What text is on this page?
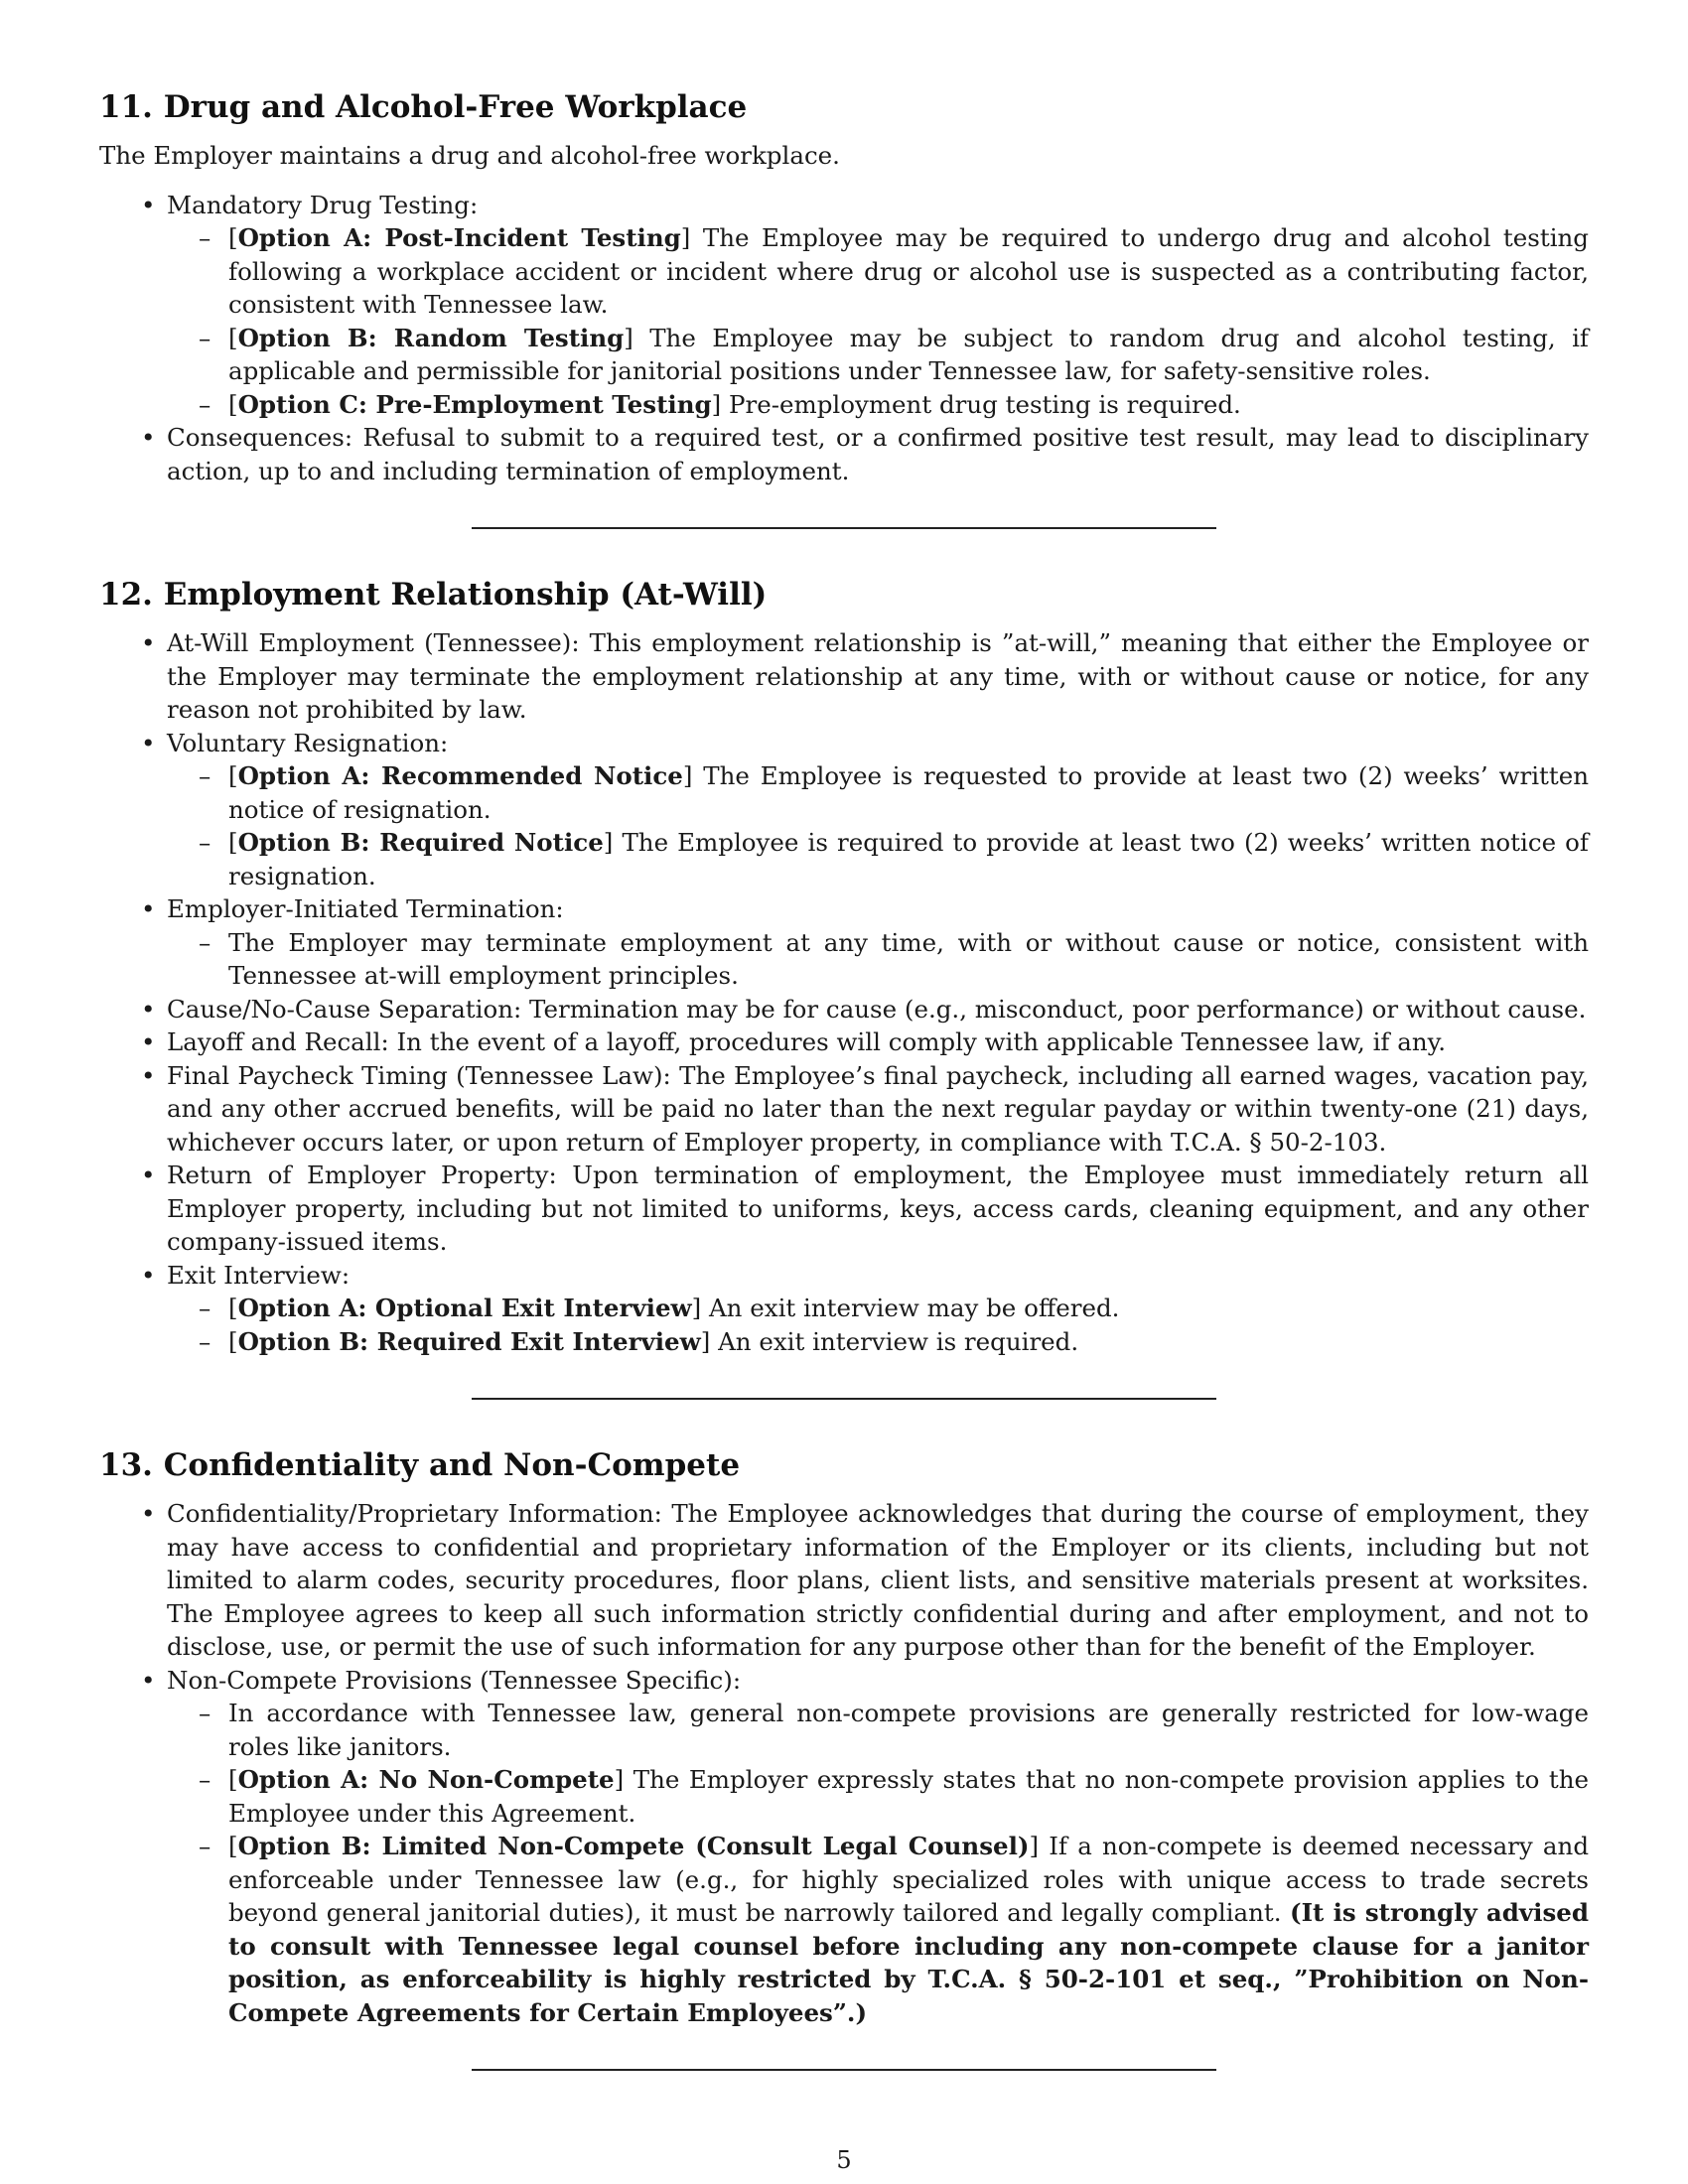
11. Drug and Alcohol-Free Workplace

The Employer maintains a drug and alcohol-free workplace.

• Mandatory Drug Testing:
– [Option A: Post-Incident Testing] The Employee may be required to undergo drug and alcohol testing following a workplace accident or incident where drug or alcohol use is suspected as a contributing factor, consistent with Tennessee law.
– [Option B: Random Testing] The Employee may be subject to random drug and alcohol testing, if applicable and permissible for janitorial positions under Tennessee law, for safety-sensitive roles.
– [Option C: Pre-Employment Testing] Pre-employment drug testing is required.
• Consequences: Refusal to submit to a required test, or a confirmed positive test result, may lead to disciplinary action, up to and including termination of employment.
12. Employment Relationship (At-Will)
• At-Will Employment (Tennessee): This employment relationship is ”at-will,” meaning that either the Employee or the Employer may terminate the employment relationship at any time, with or without cause or notice, for any reason not prohibited by law.
• Voluntary Resignation:
– [Option A: Recommended Notice] The Employee is requested to provide at least two (2) weeks’ written notice of resignation.
– [Option B: Required Notice] The Employee is required to provide at least two (2) weeks’ written notice of resignation.
• Employer-Initiated Termination:
– The Employer may terminate employment at any time, with or without cause or notice, consistent with Tennessee at-will employment principles.
• Cause/No-Cause Separation: Termination may be for cause (e.g., misconduct, poor performance) or without cause.
• Layoff and Recall: In the event of a layoff, procedures will comply with applicable Tennessee law, if any.
• Final Paycheck Timing (Tennessee Law): The Employee’s final paycheck, including all earned wages, vacation pay, and any other accrued benefits, will be paid no later than the next regular payday or within twenty-one (21) days, whichever occurs later, or upon return of Employer property, in compliance with T.C.A. § 50-2-103.
• Return of Employer Property: Upon termination of employment, the Employee must immediately return all Employer property, including but not limited to uniforms, keys, access cards, cleaning equipment, and any other company-issued items.
• Exit Interview:
– [Option A: Optional Exit Interview] An exit interview may be offered.
– [Option B: Required Exit Interview] An exit interview is required.
13. Confidentiality and Non-Compete
• Confidentiality/Proprietary Information: The Employee acknowledges that during the course of employment, they may have access to confidential and proprietary information of the Employer or its clients, including but not limited to alarm codes, security procedures, floor plans, client lists, and sensitive materials present at worksites. The Employee agrees to keep all such information strictly confidential during and after employment, and not to disclose, use, or permit the use of such information for any purpose other than for the benefit of the Employer.
• Non-Compete Provisions (Tennessee Specific):
– In accordance with Tennessee law, general non-compete provisions are generally restricted for low-wage roles like janitors.
– [Option A: No Non-Compete] The Employer expressly states that no non-compete provision applies to the Employee under this Agreement.
– [Option B: Limited Non-Compete (Consult Legal Counsel)] If a non-compete is deemed necessary and enforceable under Tennessee law (e.g., for highly specialized roles with unique access to trade secrets beyond general janitorial duties), it must be narrowly tailored and legally compliant. (It is strongly advised to consult with Tennessee legal counsel before including any non-compete clause for a janitor position, as enforceability is highly restricted by T.C.A. § 50-2-101 et seq., ”Prohibition on Non-Compete Agreements for Certain Employees”.)
5
